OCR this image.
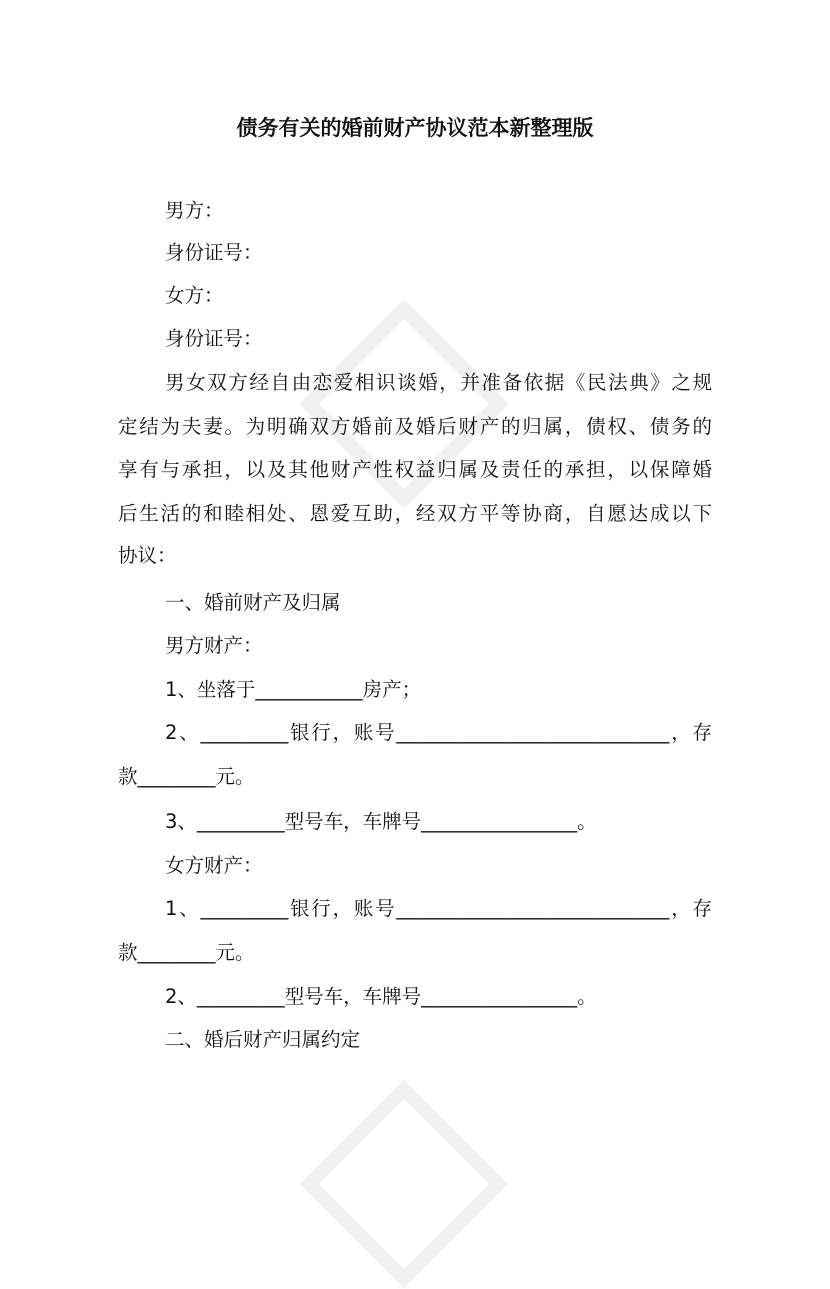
债务有关的婚前财产协议范本新整理版
男方：
身份证号：
女方：
身份证号：
男女双方经自由恋爱相识谈婚，并准备依据《民法典》之规
定结为夫妻。为明确双方婚前及婚后财产的归属，债权、债务的
享有与承担，以及其他财产性权益归属及责任的承担，以保障婚
后生活的和睦相处、恩爱互助，经双方平等协商，自愿达成以下
协议：
一、婚前财产及归属
男方财产：
1、坐落于___________房产；
2、_________银行，账号____________________________，存
款________元。
3、_________型号车，车牌号________________。
女方财产：
1、_________银行，账号____________________________，存
款________元。
2、_________型号车，车牌号________________。
二、婚后财产归属约定
